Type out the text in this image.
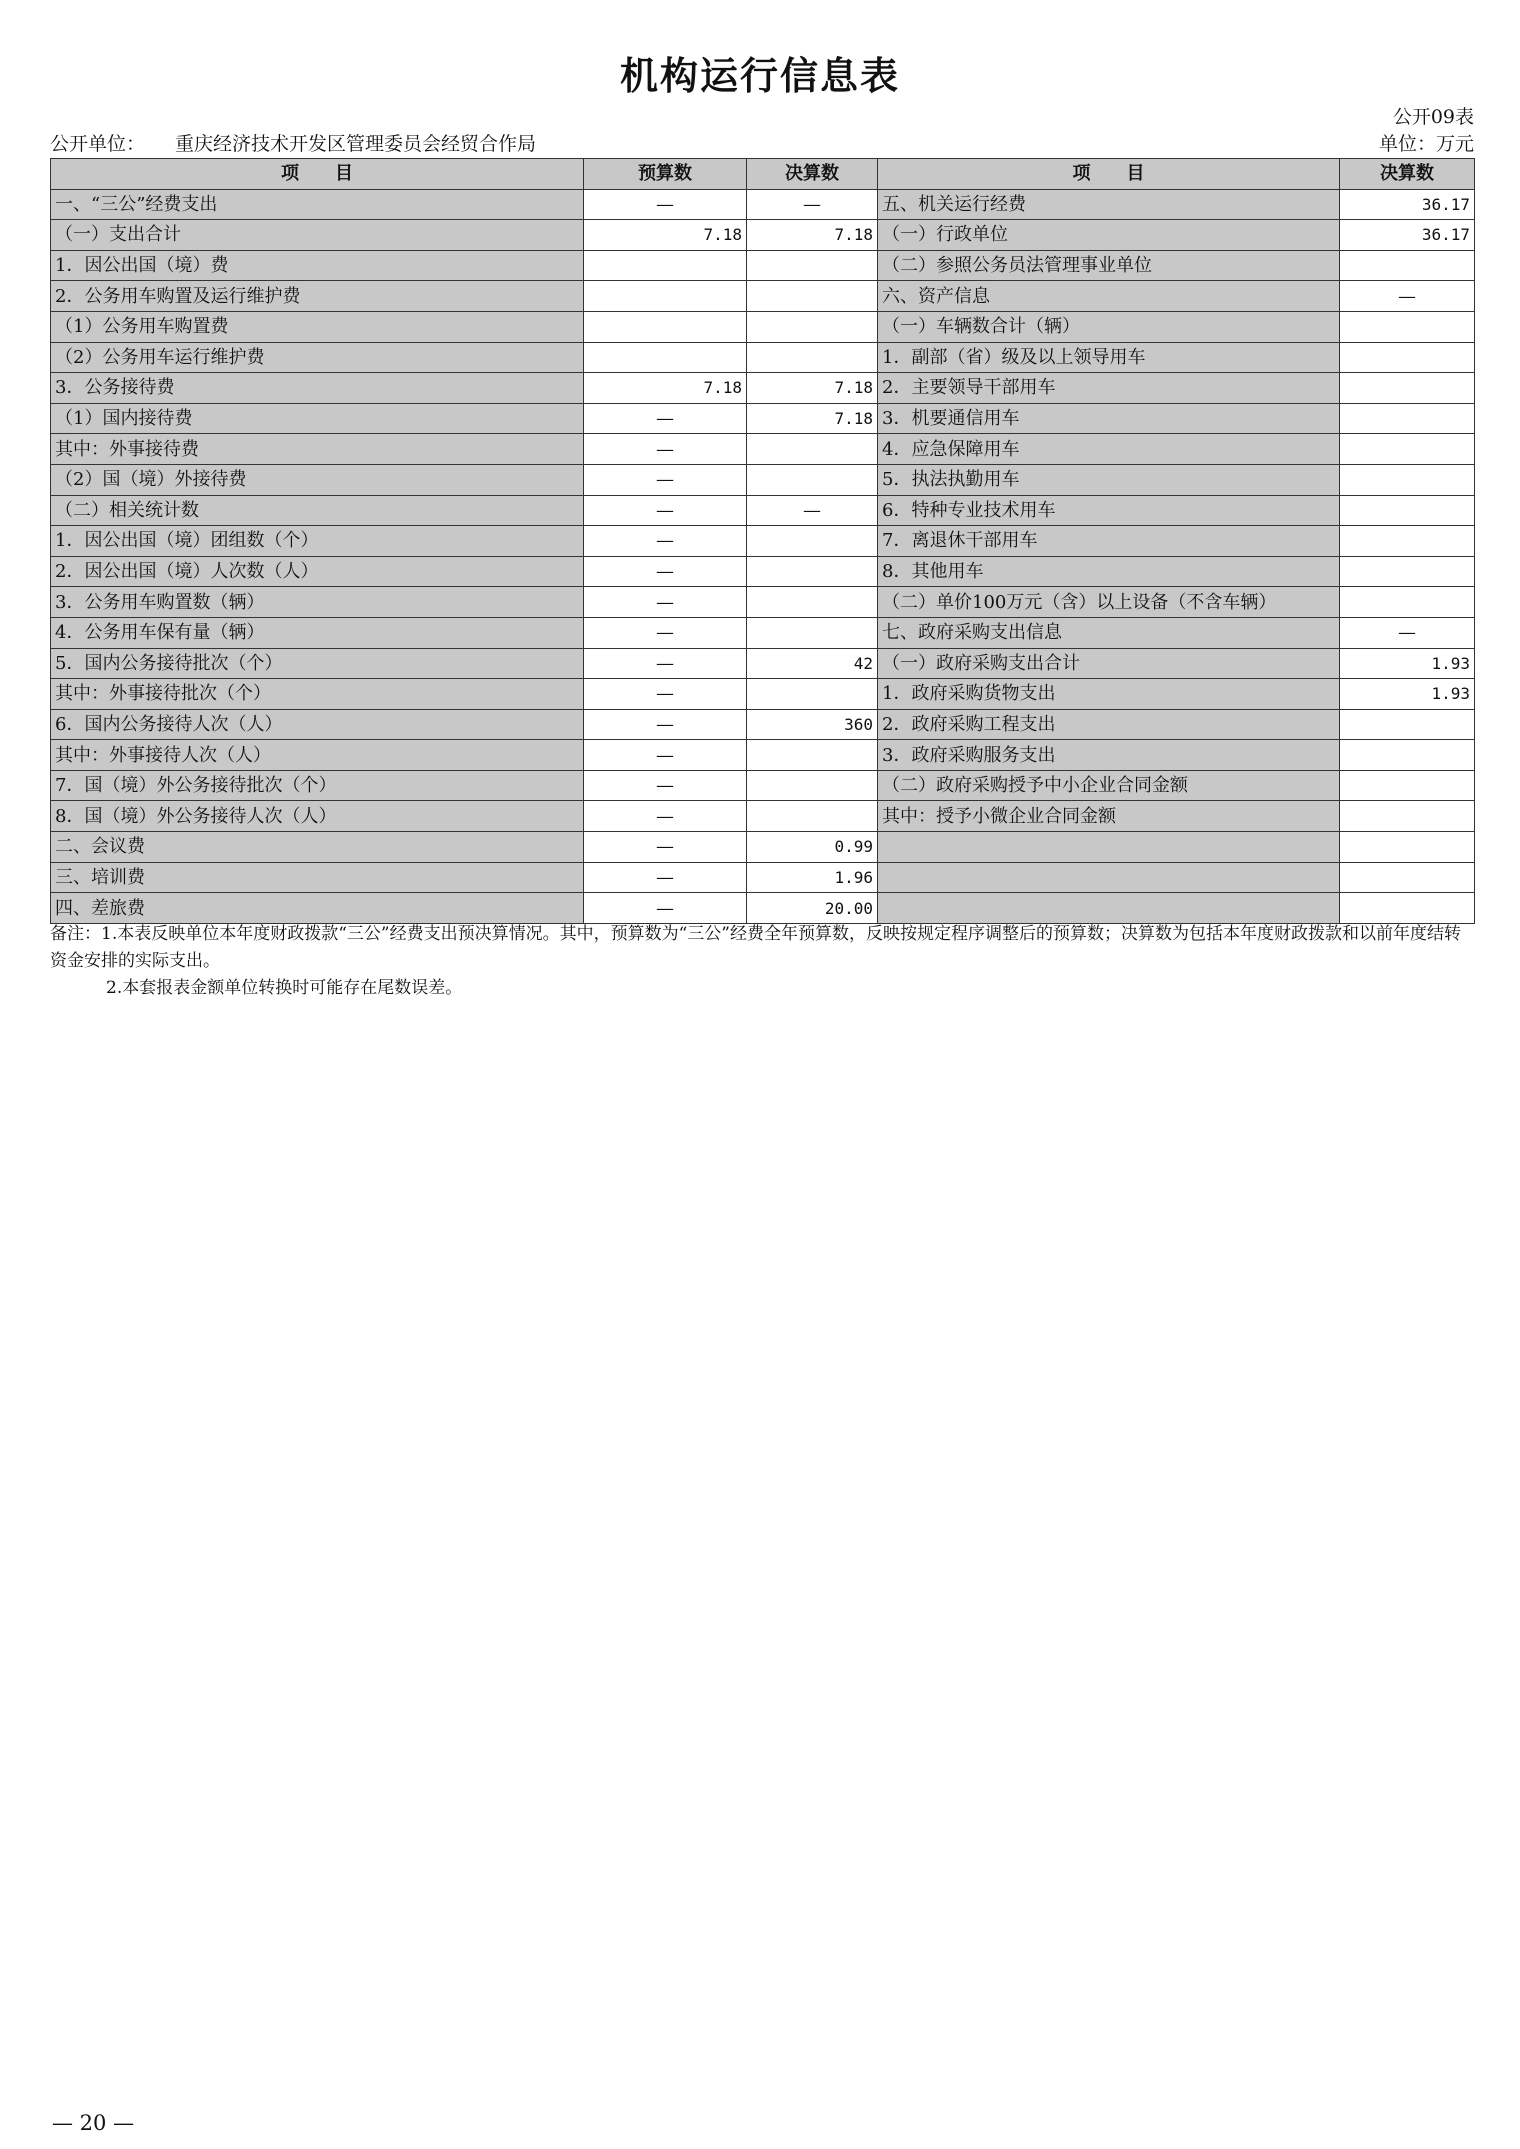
机构运行信息表
公开09表
公开单位： 重庆经济技术开发区管理委员会经贸合作局	单位：万元
项　　目	预算数	决算数	项　　目	决算数
一、“三公”经费支出	—	—	五、机关运行经费	36.17
（一）支出合计	7.18	7.18	（一）行政单位	36.17
1．因公出国（境）费			（二）参照公务员法管理事业单位	
2．公务用车购置及运行维护费			六、资产信息	—
（1）公务用车购置费			（一）车辆数合计（辆）	
（2）公务用车运行维护费			1．副部（省）级及以上领导用车	
3．公务接待费	7.18	7.18	2．主要领导干部用车	
（1）国内接待费	—	7.18	3．机要通信用车	
其中：外事接待费	—		4．应急保障用车	
（2）国（境）外接待费	—		5．执法执勤用车	
（二）相关统计数	—	—	6．特种专业技术用车	
1．因公出国（境）团组数（个）	—		7．离退休干部用车	
2．因公出国（境）人次数（人）	—		8．其他用车	
3．公务用车购置数（辆）	—		（二）单价100万元（含）以上设备（不含车辆）	
4．公务用车保有量（辆）	—		七、政府采购支出信息	—
5．国内公务接待批次（个）	—	42	（一）政府采购支出合计	1.93
其中：外事接待批次（个）	—		1．政府采购货物支出	1.93
6．国内公务接待人次（人）	—	360	2．政府采购工程支出	
其中：外事接待人次（人）	—		3．政府采购服务支出	
7．国（境）外公务接待批次（个）	—		（二）政府采购授予中小企业合同金额	
8．国（境）外公务接待人次（人）	—		其中：授予小微企业合同金额	
二、会议费	—	0.99		
三、培训费	—	1.96		
四、差旅费	—	20.00		

备注：1.本表反映单位本年度财政拨款“三公”经费支出预决算情况。其中，预算数为“三公”经费全年预算数，反映按规定程序调整后的预算数；决算数为包括本年度财政拨款和以前年度结转资金安排的实际支出。

2.本套报表金额单位转换时可能存在尾数误差。

— 20 —
